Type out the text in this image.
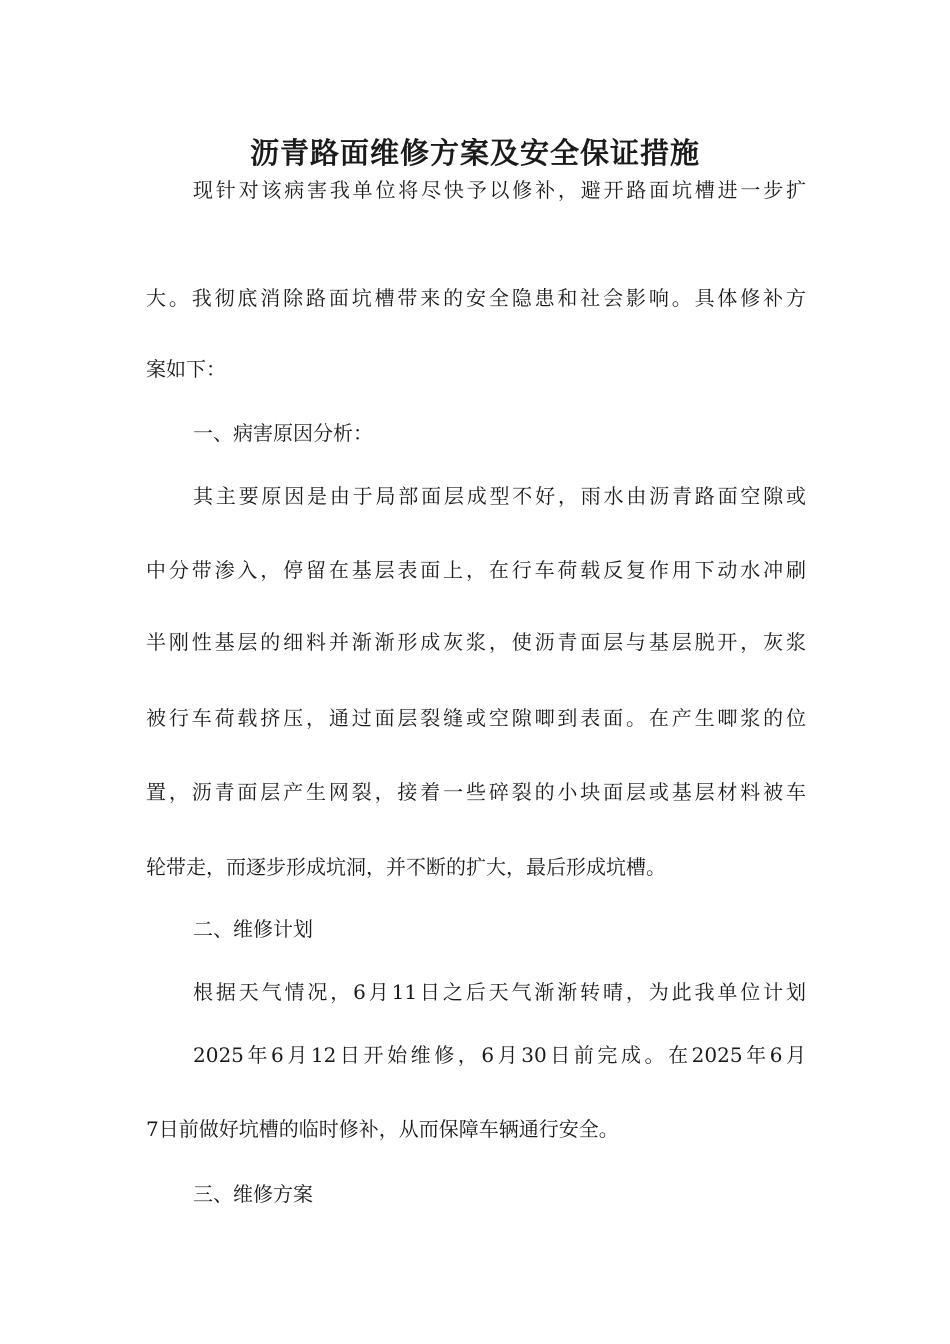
沥青路面维修方案及安全保证措施
现针对该病害我单位将尽快予以修补，避开路面坑槽进一步扩
大。我彻底消除路面坑槽带来的安全隐患和社会影响。具体修补方
案如下：
一、病害原因分析：
其主要原因是由于局部面层成型不好，雨水由沥青路面空隙或
中分带渗入，停留在基层表面上，在行车荷载反复作用下动水冲刷
半刚性基层的细料并渐渐形成灰浆，使沥青面层与基层脱开，灰浆
被行车荷载挤压，通过面层裂缝或空隙唧到表面。在产生唧浆的位
置，沥青面层产生网裂，接着一些碎裂的小块面层或基层材料被车
轮带走，而逐步形成坑洞，并不断的扩大，最后形成坑槽。
二、维修计划
根据天气情况，6月11日之后天气渐渐转晴，为此我单位计划
2025年6月12日开始维修，6月30日前完成。在2025年6月
7日前做好坑槽的临时修补，从而保障车辆通行安全。
三、维修方案
